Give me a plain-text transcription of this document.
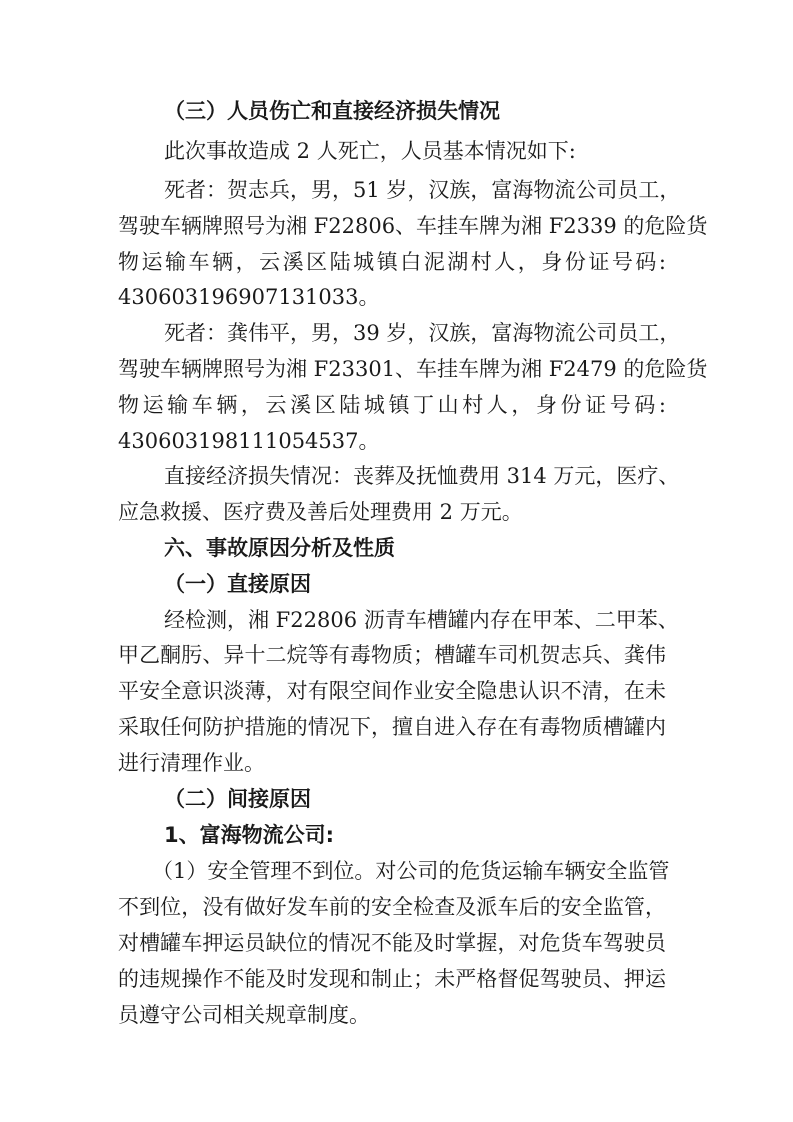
（三）人员伤亡和直接经济损失情况
此次事故造成 2 人死亡，人员基本情况如下:
死者：贺志兵，男，51 岁，汉族，富海物流公司员工，
驾驶车辆牌照号为湘 F22806、车挂车牌为湘 F2339 的危险货
物运输车辆，云溪区陆城镇白泥湖村人，身份证号码:
430603196907131033。
死者：龚伟平，男，39 岁，汉族，富海物流公司员工，
驾驶车辆牌照号为湘 F23301、车挂车牌为湘 F2479 的危险货
物运输车辆，云溪区陆城镇丁山村人，身份证号码:
430603198111054537。
直接经济损失情况：丧葬及抚恤费用 314 万元，医疗、
应急救援、医疗费及善后处理费用 2 万元。
六、事故原因分析及性质
（一）直接原因
经检测，湘 F22806 沥青车槽罐内存在甲苯、二甲苯、
甲乙酮肟、异十二烷等有毒物质；槽罐车司机贺志兵、龚伟
平安全意识淡薄，对有限空间作业安全隐患认识不清，在未
采取任何防护措施的情况下，擅自进入存在有毒物质槽罐内
进行清理作业。
（二）间接原因
1、富海物流公司:
（1）安全管理不到位。对公司的危货运输车辆安全监管
不到位，没有做好发车前的安全检查及派车后的安全监管，
对槽罐车押运员缺位的情况不能及时掌握，对危货车驾驶员
的违规操作不能及时发现和制止；未严格督促驾驶员、押运
员遵守公司相关规章制度。
